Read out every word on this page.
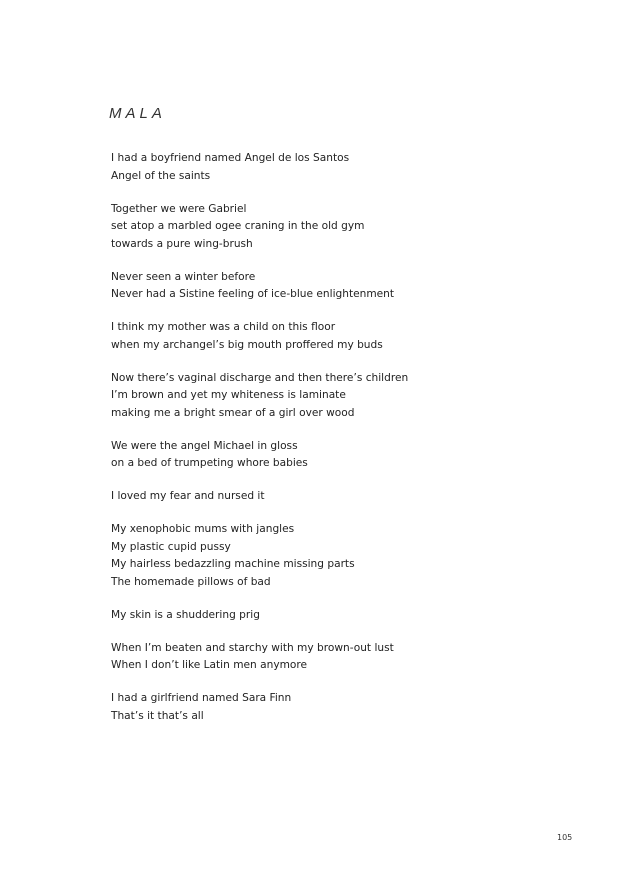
MALA
I had a boyfriend named Angel de los Santos
Angel of the saints
Together we were Gabriel
set atop a marbled ogee craning in the old gym
towards a pure wing-brush
Never seen a winter before
Never had a Sistine feeling of ice-blue enlightenment
I think my mother was a child on this floor
when my archangel’s big mouth proffered my buds
Now there’s vaginal discharge and then there’s children
I’m brown and yet my whiteness is laminate
making me a bright smear of a girl over wood
We were the angel Michael in gloss
on a bed of trumpeting whore babies
I loved my fear and nursed it
My xenophobic mums with jangles
My plastic cupid pussy
My hairless bedazzling machine missing parts
The homemade pillows of bad
My skin is a shuddering prig
When I’m beaten and starchy with my brown-out lust
When I don’t like Latin men anymore
I had a girlfriend named Sara Finn
That’s it that’s all
105
